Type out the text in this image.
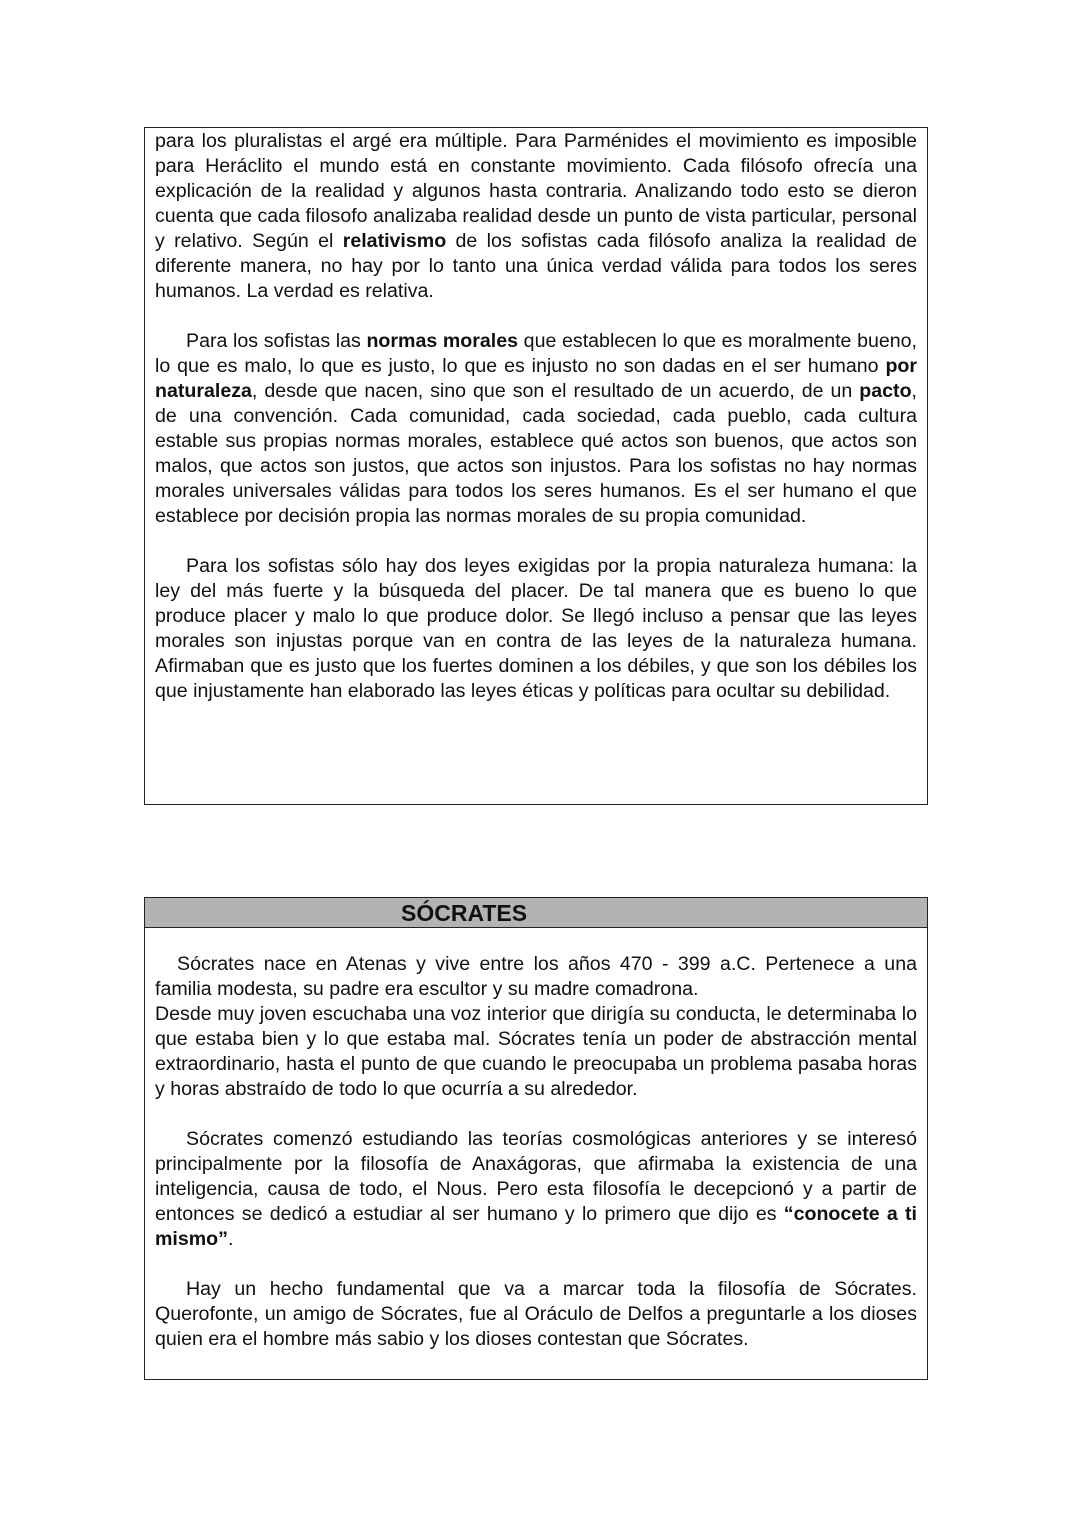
para los pluralistas el argé era múltiple. Para Parménides el movimiento es imposible para Heráclito el mundo está en constante movimiento. Cada filósofo ofrecía una explicación de la realidad y algunos hasta contraria. Analizando todo esto se dieron cuenta que cada filosofo analizaba realidad desde un punto de vista particular, personal y relativo. Según el relativismo de los sofistas cada filósofo analiza la realidad de diferente manera, no hay por lo tanto una única verdad válida para todos los seres humanos. La verdad es relativa.

Para los sofistas las normas morales que establecen lo que es moralmente bueno, lo que es malo, lo que es justo, lo que es injusto no son dadas en el ser humano por naturaleza, desde que nacen, sino que son el resultado de un acuerdo, de un pacto, de una convención. Cada comunidad, cada sociedad, cada pueblo, cada cultura estable sus propias normas morales, establece qué actos son buenos, que actos son malos, que actos son justos, que actos son injustos. Para los sofistas no hay normas morales universales válidas para todos los seres humanos. Es el ser humano el que establece por decisión propia las normas morales de su propia comunidad.

Para los sofistas sólo hay dos leyes exigidas por la propia naturaleza humana: la ley del más fuerte y la búsqueda del placer. De tal manera que es bueno lo que produce placer y malo lo que produce dolor. Se llegó incluso a pensar que las leyes morales son injustas porque van en contra de las leyes de la naturaleza humana. Afirmaban que es justo que los fuertes dominen a los débiles, y que son los débiles los que injustamente han elaborado las leyes éticas y políticas para ocultar su debilidad.

SÓCRATES

Sócrates nace en Atenas y vive entre los años 470 - 399 a.C. Pertenece a una familia modesta, su padre era escultor y su madre comadrona.

Desde muy joven escuchaba una voz interior que dirigía su conducta, le determinaba lo que estaba bien y lo que estaba mal. Sócrates tenía un poder de abstracción mental extraordinario, hasta el punto de que cuando le preocupaba un problema pasaba horas y horas abstraído de todo lo que ocurría a su alrededor.

Sócrates comenzó estudiando las teorías cosmológicas anteriores y se interesó principalmente por la filosofía de Anaxágoras, que afirmaba la existencia de una inteligencia, causa de todo, el Nous. Pero esta filosofía le decepcionó y a partir de entonces se dedicó a estudiar al ser humano y lo primero que dijo es “conocete a ti mismo”.

Hay un hecho fundamental que va a marcar toda la filosofía de Sócrates. Querofonte, un amigo de Sócrates, fue al Oráculo de Delfos a preguntarle a los dioses quien era el hombre más sabio y los dioses contestan que Sócrates.
